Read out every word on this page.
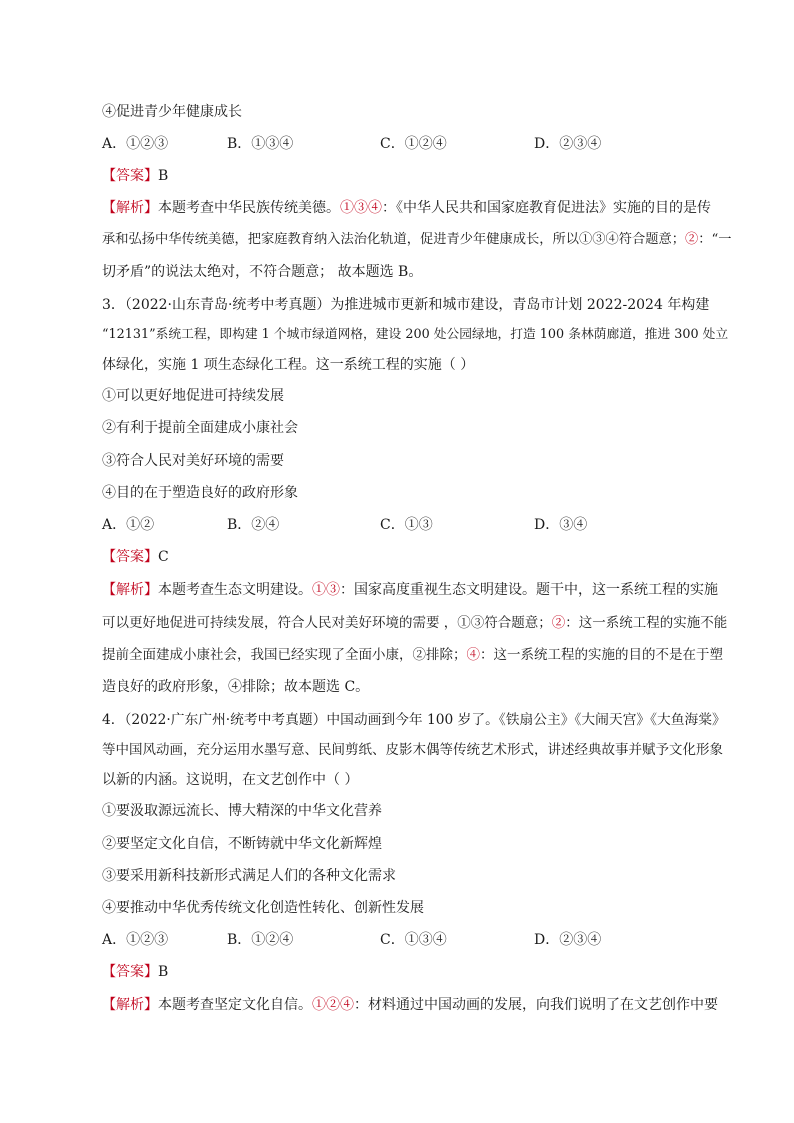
④促进青少年健康成长
A．①②③	B．①③④	C．①②④	D．②③④
【答案】B
【解析】本题考查中华民族传统美德。①③④：《中华人民共和国家庭教育促进法》实施的目的是传
承和弘扬中华传统美德，把家庭教育纳入法治化轨道，促进青少年健康成长，所以①③④符合题意；②：“一
切矛盾”的说法太绝对，不符合题意； 故本题选 B。
3．（2022·山东青岛·统考中考真题）为推进城市更新和城市建设，青岛市计划 2022-2024 年构建
“12131”系统工程，即构建 1 个城市绿道网格，建设 200 处公园绿地，打造 100 条林荫廊道，推进 300 处立
体绿化，实施 1 项生态绿化工程。这一系统工程的实施（ ）
①可以更好地促进可持续发展
②有利于提前全面建成小康社会
③符合人民对美好环境的需要
④目的在于塑造良好的政府形象
A．①②	B．②④	C．①③	D．③④
【答案】C
【解析】本题考查生态文明建设。①③：国家高度重视生态文明建设。题干中，这一系统工程的实施
可以更好地促进可持续发展，符合人民对美好环境的需要 ，①③符合题意；②：这一系统工程的实施不能
提前全面建成小康社会，我国已经实现了全面小康，②排除；④：这一系统工程的实施的目的不是在于塑
造良好的政府形象，④排除；故本题选 C。
4．（2022·广东广州·统考中考真题）中国动画到今年 100 岁了。《铁扇公主》《大闹天宫》《大鱼海棠》
等中国风动画，充分运用水墨写意、民间剪纸、皮影木偶等传统艺术形式，讲述经典故事并赋予文化形象
以新的内涵。这说明，在文艺创作中（ ）
①要汲取源远流长、博大精深的中华文化营养
②要坚定文化自信，不断铸就中华文化新辉煌
③要采用新科技新形式满足人们的各种文化需求
④要推动中华优秀传统文化创造性转化、创新性发展
A．①②③	B．①②④	C．①③④	D．②③④
【答案】B
【解析】本题考查坚定文化自信。①②④：材料通过中国动画的发展，向我们说明了在文艺创作中要
